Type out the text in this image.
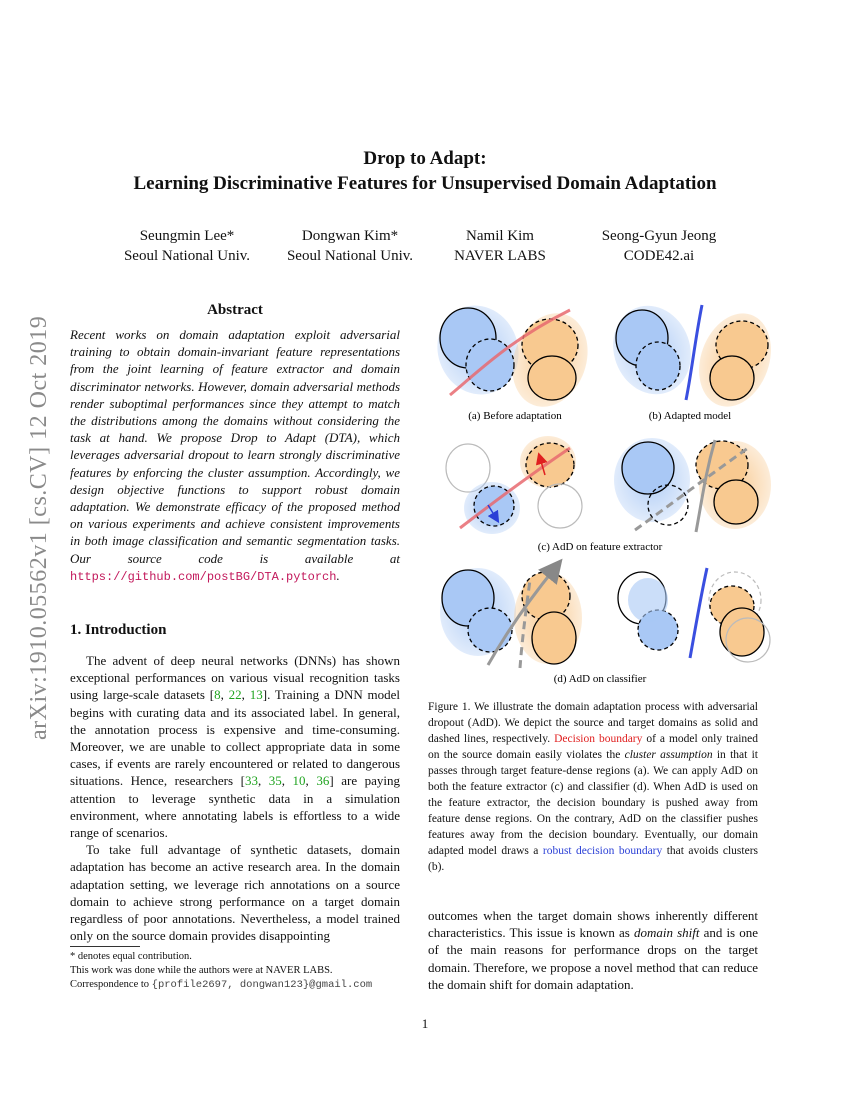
arXiv:1910.05562v1 [cs.CV] 12 Oct 2019
Drop to Adapt:
Learning Discriminative Features for Unsupervised Domain Adaptation
Seungmin Lee*
Seoul National Univ.
Dongwan Kim*
Seoul National Univ.
Namil Kim
NAVER LABS
Seong-Gyun Jeong
CODE42.ai
Abstract
Recent works on domain adaptation exploit adversarial training to obtain domain-invariant feature representations from the joint learning of feature extractor and domain discriminator networks. However, domain adversarial methods render suboptimal performances since they attempt to match the distributions among the domains without considering the task at hand. We propose Drop to Adapt (DTA), which leverages adversarial dropout to learn strongly discriminative features by enforcing the cluster assumption. Accordingly, we design objective functions to support robust domain adaptation. We demonstrate efficacy of the proposed method on various experiments and achieve consistent improvements in both image classification and semantic segmentation tasks. Our source code is available at https://github.com/postBG/DTA.pytorch.
1. Introduction

The advent of deep neural networks (DNNs) has shown exceptional performances on various visual recognition tasks using large-scale datasets [8, 22, 13]. Training a DNN model begins with curating data and its associated label. In general, the annotation process is expensive and time-consuming. Moreover, we are unable to collect appropriate data in some cases, if events are rarely encountered or related to dangerous situations. Hence, researchers [33, 35, 10, 36] are paying attention to leverage synthetic data in a simulation environment, where annotating labels is effortless to a wide range of scenarios.

To take full advantage of synthetic datasets, domain adaptation has become an active research area. In the domain adaptation setting, we leverage rich annotations on a source domain to achieve strong performance on a target domain regardless of poor annotations. Nevertheless, a model trained only on the source domain provides disappointing

* denotes equal contribution.
This work was done while the authors were at NAVER LABS. Correspondence to {profile2697, dongwan123}@gmail.com
(a) Before adaptation	(b) Adapted model
(c) AdD on feature extractor
(d) AdD on classifier
Figure 1. We illustrate the domain adaptation process with adversarial dropout (AdD). We depict the source and target domains as solid and dashed lines, respectively. Decision boundary of a model only trained on the source domain easily violates the cluster assumption in that it passes through target feature-dense regions (a). We can apply AdD on both the feature extractor (c) and classifier (d). When AdD is used on the feature extractor, the decision boundary is pushed away from feature dense regions. On the contrary, AdD on the classifier pushes features away from the decision boundary. Eventually, our domain adapted model draws a robust decision boundary that avoids clusters (b).
outcomes when the target domain shows inherently different characteristics. This issue is known as domain shift and is one of the main reasons for performance drops on the target domain. Therefore, we propose a novel method that can reduce the domain shift for domain adaptation.
1
